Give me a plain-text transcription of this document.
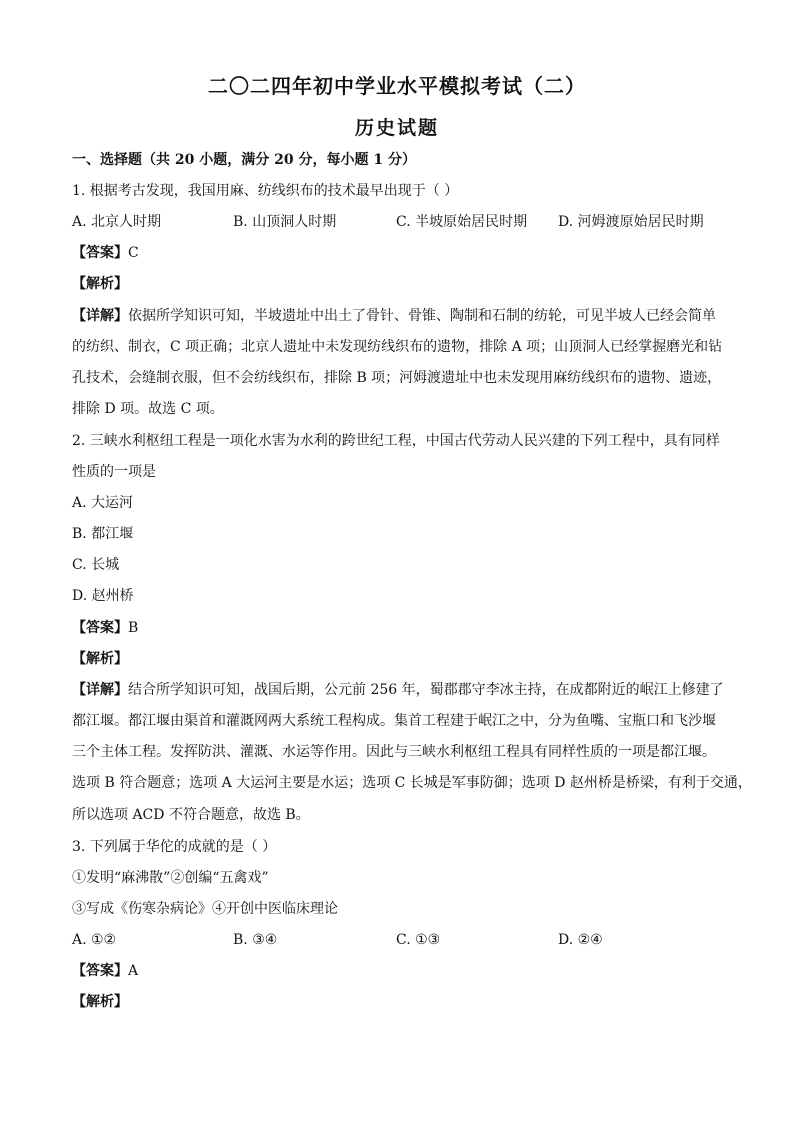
二〇二四年初中学业水平模拟考试（二）
历史试题
一、选择题（共 20 小题，满分 20 分，每小题 1 分）
1. 根据考古发现，我国用麻、纺线织布的技术最早出现于（ ）
A. 北京人时期	B. 山顶洞人时期	C. 半坡原始居民时期 D. 河姆渡原始居民时期
【答案】C
【解析】
【详解】依据所学知识可知，半坡遗址中出土了骨针、骨锥、陶制和石制的纺轮，可见半坡人已经会简单
的纺织、制衣，C 项正确；北京人遗址中未发现纺线织布的遗物，排除 A 项；山顶洞人已经掌握磨光和钻
孔技术，会缝制衣服，但不会纺线织布，排除 B 项；河姆渡遗址中也未发现用麻纺线织布的遗物、遗迹，
排除 D 项。故选 C 项。
2. 三峡水利枢纽工程是一项化水害为水利的跨世纪工程，中国古代劳动人民兴建的下列工程中，具有同样
性质的一项是
A. 大运河
B. 都江堰
C. 长城
D. 赵州桥
【答案】B
【解析】
【详解】结合所学知识可知，战国后期，公元前 256 年，蜀郡郡守李冰主持，在成都附近的岷江上修建了
都江堰。都江堰由渠首和灌溉网两大系统工程构成。集首工程建于岷江之中，分为鱼嘴、宝瓶口和飞沙堰
三个主体工程。发挥防洪、灌溉、水运等作用。因此与三峡水利枢纽工程具有同样性质的一项是都江堰。
选项 B 符合题意；选项 A 大运河主要是水运；选项 C 长城是军事防御；选项 D 赵州桥是桥梁，有利于交通，
所以选项 ACD 不符合题意，故选 B。
3. 下列属于华佗的成就的是（ ）
①发明“麻沸散”②创编“五禽戏”
③写成《伤寒杂病论》④开创中医临床理论
A. ①②	B. ③④	C. ①③	D. ②④
【答案】A
【解析】
